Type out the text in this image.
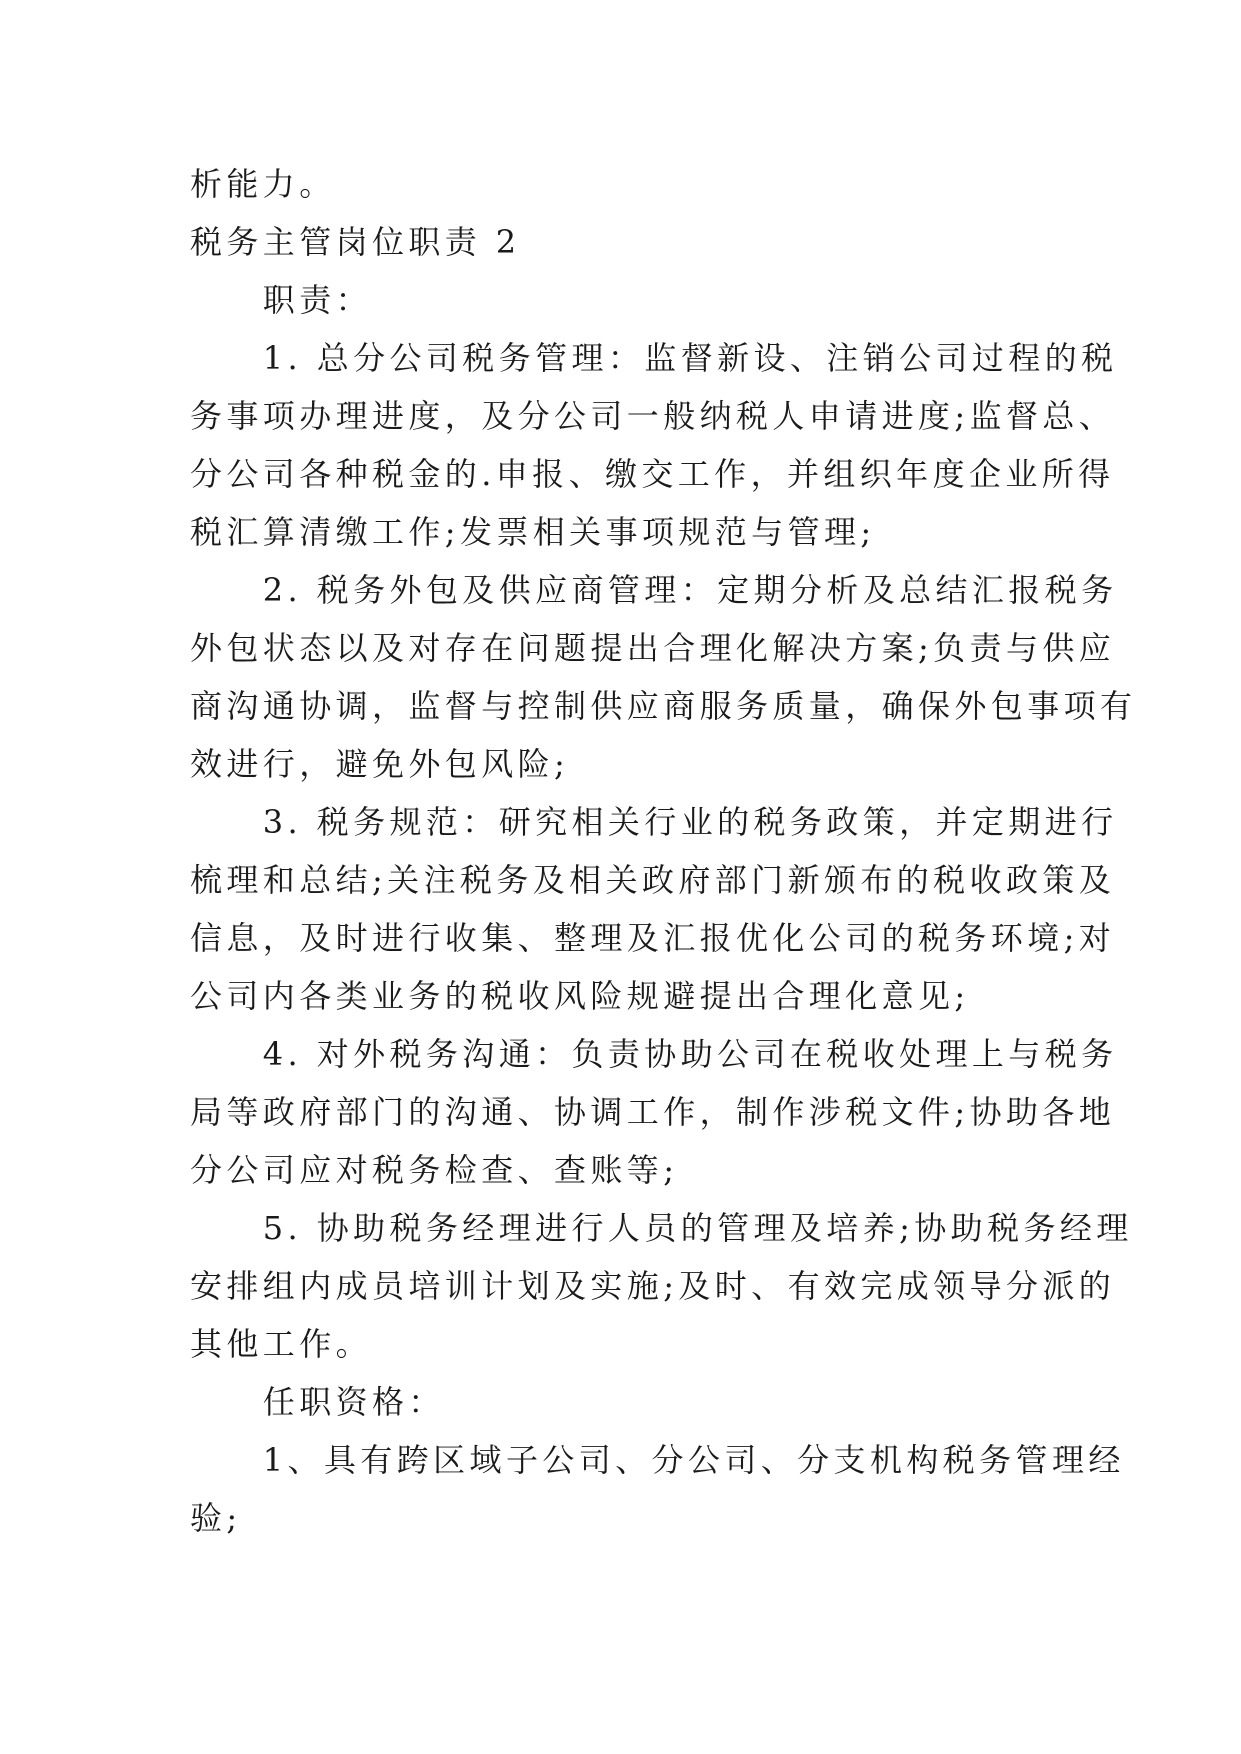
析能力。

税务主管岗位职责 2

　　职责：

　　1. 总分公司税务管理：监督新设、注销公司过程的税

务事项办理进度，及分公司一般纳税人申请进度;监督总、

分公司各种税金的.申报、缴交工作，并组织年度企业所得

税汇算清缴工作;发票相关事项规范与管理;

　　2. 税务外包及供应商管理：定期分析及总结汇报税务

外包状态以及对存在问题提出合理化解决方案;负责与供应

商沟通协调，监督与控制供应商服务质量，确保外包事项有

效进行，避免外包风险;

　　3. 税务规范：研究相关行业的税务政策，并定期进行

梳理和总结;关注税务及相关政府部门新颁布的税收政策及

信息，及时进行收集、整理及汇报优化公司的税务环境;对

公司内各类业务的税收风险规避提出合理化意见;

　　4. 对外税务沟通：负责协助公司在税收处理上与税务

局等政府部门的沟通、协调工作，制作涉税文件;协助各地

分公司应对税务检查、查账等;

　　5. 协助税务经理进行人员的管理及培养;协助税务经理

安排组内成员培训计划及实施;及时、有效完成领导分派的

其他工作。

　　任职资格：

　　1、具有跨区域子公司、分公司、分支机构税务管理经

验;
